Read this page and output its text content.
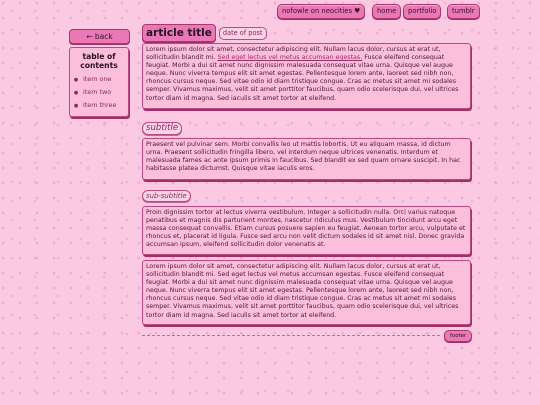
nofowle on neocities ♥	home	portfolio	tumblr
← back
table of contents
● item one
● item two
● item three
article title	date of post
Lorem ipsum dolor sit amet, consectetur adipiscing elit. Nullam lacus dolor, cursus at erat ut, sollicitudin blandit mi. Sed eget lectus vel metus accumsan egestas. Fusce eleifend consequat feugiat. Morbi a dui sit amet nunc dignissim malesuada consequat vitae urna. Quisque vel augue neque. Nunc viverra tempus elit sit amet egestas. Pellentesque lorem ante, laoreet sed nibh non, rhoncus cursus neque. Sed vitae odio id diam tristique congue. Cras ac metus sit amet mi sodales semper. Vivamus maximus, velit sit amet porttitor faucibus, quam odio scelerisque dui, vel ultrices tortor diam id magna. Sed iaculis sit amet tortor at eleifend.
subtitle
Praesent vel pulvinar sem. Morbi convallis leo ut mattis lobortis. Ut eu aliquam massa, id dictum urna. Praesent sollicitudin fringilla libero, vel interdum neque ultrices venenatis. Interdum et malesuada fames ac ante ipsum primis in faucibus. Sed blandit ex sed quam ornare suscipit. In hac habitasse platea dictumst. Quisque vitae iaculis eros.
sub-subtitle
Proin dignissim tortor at lectus viverra vestibulum. Integer a sollicitudin nulla. Orci varius natoque penatibus et magnis dis parturient montes, nascetur ridiculus mus. Vestibulum tincidunt arcu eget massa consequat convallis. Etiam cursus posuere sapien eu feugiat. Aenean tortor arcu, vulputate et rhoncus et, placerat id ligula. Fusce sed arcu non velit dictum sodales id sit amet nisl. Donec gravida accumsan ipsum, eleifend sollicitudin dolor venenatis at.
Lorem ipsum dolor sit amet, consectetur adipiscing elit. Nullam lacus dolor, cursus at erat ut, sollicitudin blandit mi. Sed eget lectus vel metus accumsan egestas. Fusce eleifend consequat feugiat. Morbi a dui sit amet nunc dignissim malesuada consequat vitae urna. Quisque vel augue neque. Nunc viverra tempus elit sit amet egestas. Pellentesque lorem ante, laoreet sed nibh non, rhoncus cursus neque. Sed vitae odio id diam tristique congue. Cras ac metus sit amet mi sodales semper. Vivamus maximus, velit sit amet porttitor faucibus, quam odio scelerisque dui, vel ultrices tortor diam id magna. Sed iaculis sit amet tortor at eleifend.
footer
